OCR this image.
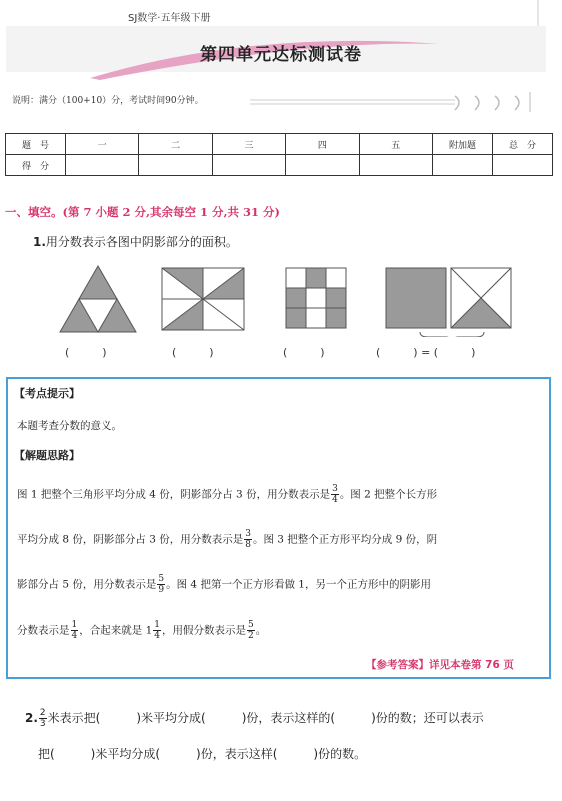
SJ数学·五年级下册
第四单元达标测试卷
说明：满分（100+10）分，考试时间90分钟。
题　号	一	二	三	四	五	附加题	总　分
得　分							
一、填空。(第 7 小题 2 分,其余每空 1 分,共 31 分)
1.用分数表示各图中阴影部分的面积。
(　　　)	(　　　)	(　　　)	(　　　) = (　　　)
【考点提示】
本题考查分数的意义。
【解题思路】
图 1 把整个三角形平均分成 4 份，阴影部分占 3 份，用分数表示是 $\frac{3}{4}$ 。图 2 把整个长方形
平均分成 8 份，阴影部分占 3 份，用分数表示是 $\frac{3}{8}$ 。图 3 把整个正方形平均分成 9 份，阴
影部分占 5 份，用分数表示是 $\frac{5}{9}$ 。图 4 把第一个正方形看做 1，另一个正方形中的阴影用
分数表示是 $\frac{1}{4}$ ，合起来就是 $1 \frac{1}{4}$ ，用假分数表示是 $\frac{5}{2}$ 。
【参考答案】详见本卷第 76 页
2. $\frac{2}{3}$ 米表示把(　　　)米平均分成(　　　)份，表示这样的(　　　)份的数；还可以表示
把(　　　)米平均分成(　　　)份，表示这样(　　　)份的数。
